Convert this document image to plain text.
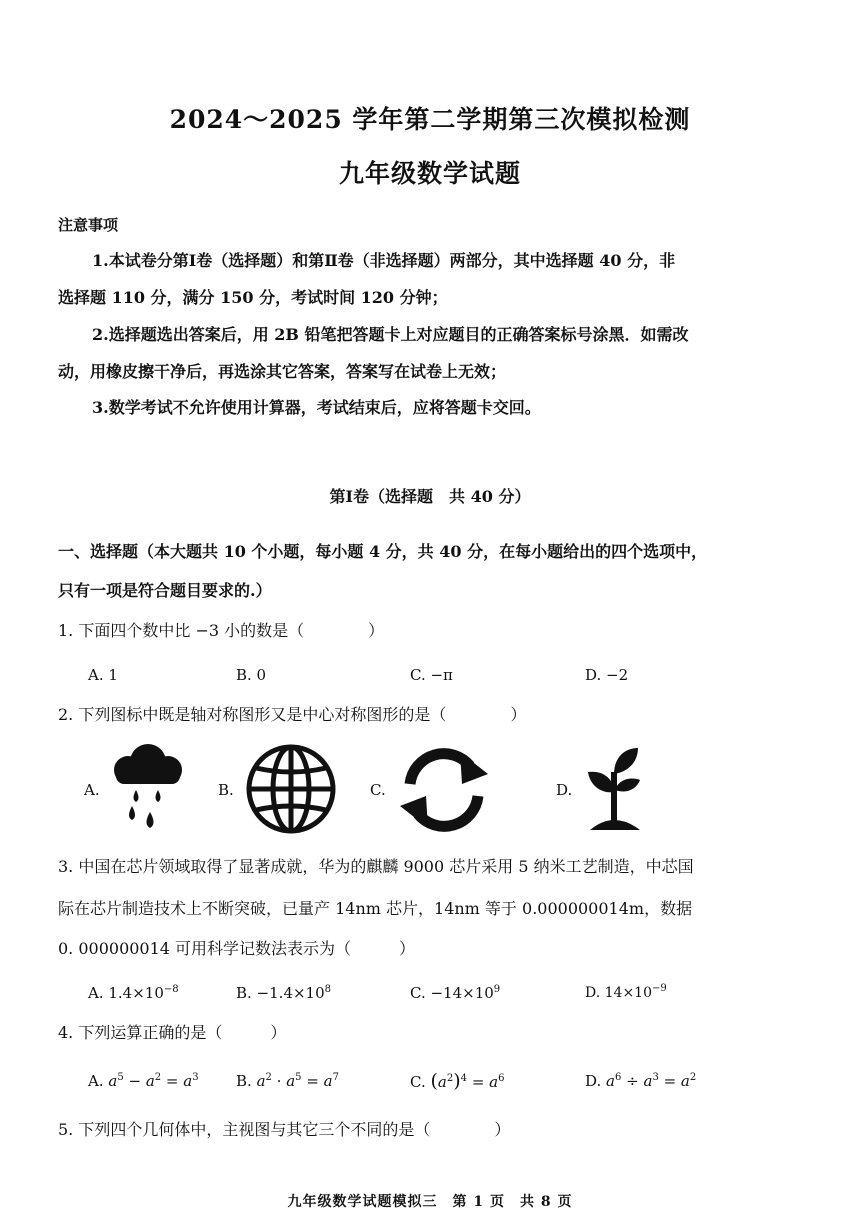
2024～2025 学年第二学期第三次模拟检测
九年级数学试题
注意事项
1.本试卷分第Ⅰ卷（选择题）和第Ⅱ卷（非选择题）两部分，其中选择题 40 分，非
选择题 110 分，满分 150 分，考试时间 120 分钟；
2.选择题选出答案后，用 2B 铅笔把答题卡上对应题目的正确答案标号涂黑．如需改
动，用橡皮擦干净后，再选涂其它答案，答案写在试卷上无效；
3.数学考试不允许使用计算器，考试结束后，应将答题卡交回。
第Ⅰ卷（选择题　共 40 分）
一、选择题（本大题共 10 个小题，每小题 4 分，共 40 分，在每小题给出的四个选项中，
只有一项是符合题目要求的.）
1. 下面四个数中比 −3 小的数是（　　　　）
A. 1	B. 0	C. −π	D. −2
2. 下列图标中既是轴对称图形又是中心对称图形的是（　　　　）
A.	B.	C.	D.
3. 中国在芯片领域取得了显著成就，华为的麒麟 9000 芯片采用 5 纳米工艺制造，中芯国
际在芯片制造技术上不断突破，已量产 14nm 芯片，14nm 等于 0.000000014m，数据
0. 000000014 可用科学记数法表示为（　　　）
A. $1.4\times 10^{-8}$	B. $-1.4\times 10^8$	C. $-14\times 10^9$	D. $14\times 10^{-9}$
4. 下列运算正确的是（　　　）
A. $a^5 - a^2 = a^3$ B. $a^2 \cdot a^5 = a^7$	C. $(a^2)^4 = a^6$	D. $a^6 \div a^3 = a^2$
5. 下列四个几何体中，主视图与其它三个不同的是（　　　　）
九年级数学试题模拟三　第 1 页　共 8 页
